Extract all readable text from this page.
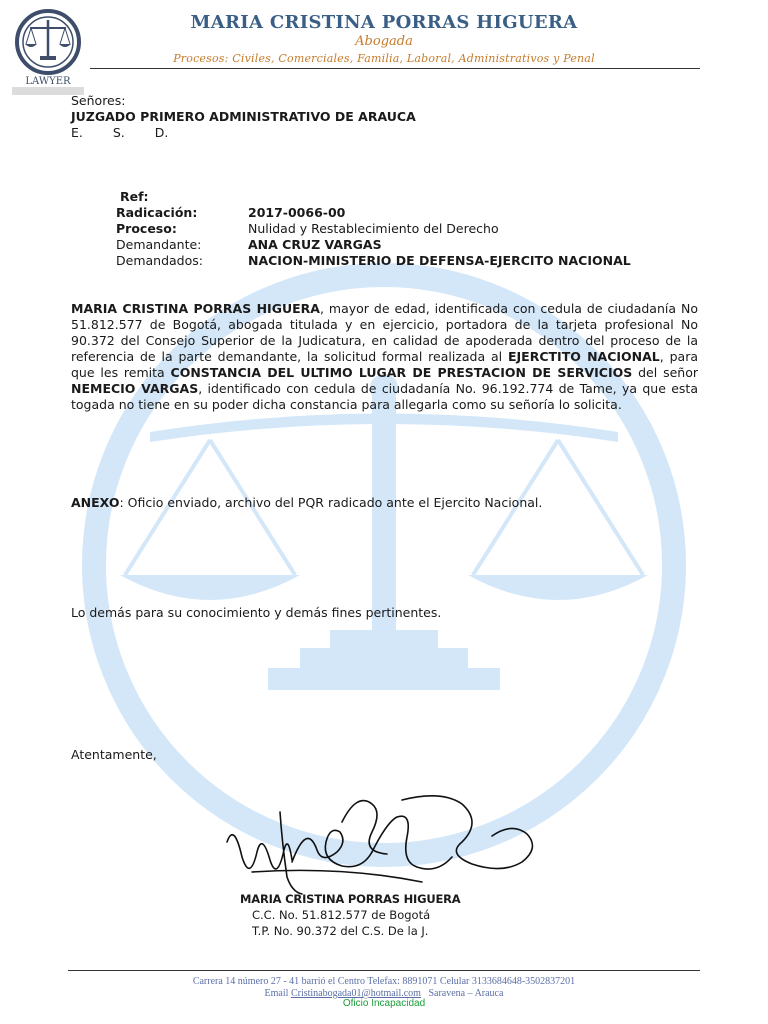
LAWYER
MARIA CRISTINA PORRAS HIGUERA
Abogada
Procesos: Civiles, Comerciales, Familia, Laboral, Administrativos y Penal
Señores:
JUZGADO PRIMERO ADMINISTRATIVO DE ARAUCA
E. S. D.
Ref:
Radicación:	2017-0066-00
Proceso:	Nulidad y Restablecimiento del Derecho
Demandante:	ANA CRUZ VARGAS
Demandados:	NACION-MINISTERIO DE DEFENSA-EJERCITO NACIONAL
MARIA CRISTINA PORRAS HIGUERA, mayor de edad, identificada con cedula de ciudadanía No 51.812.577 de Bogotá, abogada titulada y en ejercicio, portadora de la tarjeta profesional No 90.372 del Consejo Superior de la Judicatura, en calidad de apoderada dentro del proceso de la referencia de la parte demandante, la solicitud formal realizada al EJERCTITO NACIONAL, para que les remita CONSTANCIA DEL ULTIMO LUGAR DE PRESTACION DE SERVICIOS del señor NEMECIO VARGAS, identificado con cedula de ciudadanía No. 96.192.774 de Tame, ya que esta togada no tiene en su poder dicha constancia para allegarla como su señoría lo solicita.
ANEXO: Oficio enviado, archivo del PQR radicado ante el Ejercito Nacional.
Lo demás para su conocimiento y demás fines pertinentes.
Atentamente,
MARIA CRISTINA PORRAS HIGUERA
C.C. No. 51.812.577 de Bogotá
T.P. No. 90.372 del C.S. De la J.
Carrera 14 número 27 - 41 barrió el Centro Telefax: 8891071 Celular 3133684648-3502837201
Email Cristinabogada01@hotmail.com Saravena – Arauca
Oficio Incapacidad
